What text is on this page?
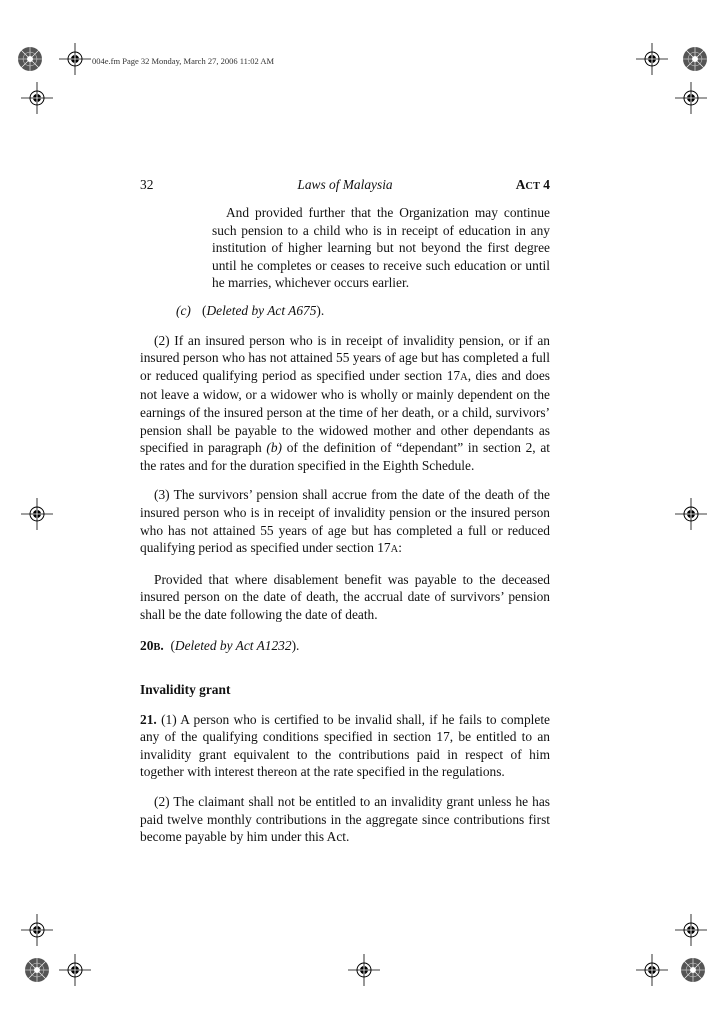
004e.fm Page 32 Monday, March 27, 2006 11:02 AM
32	Laws of Malaysia	ACT 4

And provided further that the Organization may continue such pension to a child who is in receipt of education in any institution of higher learning but not beyond the first degree until he completes or ceases to receive such education or until he marries, whichever occurs earlier.

(c) (Deleted by Act A675).

(2) If an insured person who is in receipt of invalidity pension, or if an insured person who has not attained 55 years of age but has completed a full or reduced qualifying period as specified under section 17A, dies and does not leave a widow, or a widower who is wholly or mainly dependent on the earnings of the insured person at the time of her death, or a child, survivors’ pension shall be payable to the widowed mother and other dependants as specified in paragraph (b) of the definition of “dependant” in section 2, at the rates and for the duration specified in the Eighth Schedule.

(3) The survivors’ pension shall accrue from the date of the death of the insured person who is in receipt of invalidity pension or the insured person who has not attained 55 years of age but has completed a full or reduced qualifying period as specified under section 17A:

Provided that where disablement benefit was payable to the deceased insured person on the date of death, the accrual date of survivors’ pension shall be the date following the date of death.

20B.  (Deleted by Act A1232).

Invalidity grant

21. (1) A person who is certified to be invalid shall, if he fails to complete any of the qualifying conditions specified in section 17, be entitled to an invalidity grant equivalent to the contributions paid in respect of him together with interest thereon at the rate specified in the regulations.

(2) The claimant shall not be entitled to an invalidity grant unless he has paid twelve monthly contributions in the aggregate since contributions first become payable by him under this Act.
